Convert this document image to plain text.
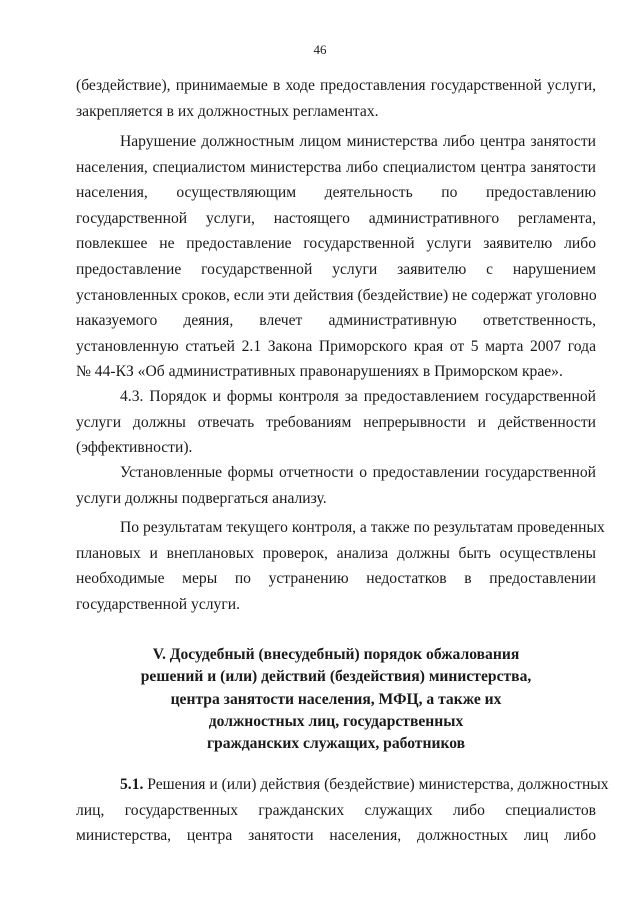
46
(бездействие), принимаемые в ходе предоставления государственной услуги,
закрепляется в их должностных регламентах.
Нарушение должностным лицом министерства либо центра занятости
населения, специалистом министерства либо специалистом центра занятости
населения, осуществляющим деятельность по предоставлению
государственной услуги, настоящего административного регламента,
повлекшее не предоставление государственной услуги заявителю либо
предоставление государственной услуги заявителю с нарушением
установленных сроков, если эти действия (бездействие) не содержат уголовно
наказуемого деяния, влечет административную ответственность,
установленную статьей 2.1 Закона Приморского края от 5 марта 2007 года
№ 44-КЗ «Об административных правонарушениях в Приморском крае».
4.3. Порядок и формы контроля за предоставлением государственной
услуги должны отвечать требованиям непрерывности и действенности
(эффективности).
Установленные формы отчетности о предоставлении государственной
услуги должны подвергаться анализу.
По результатам текущего контроля, а также по результатам проведенных
плановых и внеплановых проверок, анализа должны быть осуществлены
необходимые меры по устранению недостатков в предоставлении
государственной услуги.
V. Досудебный (внесудебный) порядок обжалования
решений и (или) действий (бездействия) министерства,
центра занятости населения, МФЦ, а также их
должностных лиц, государственных
гражданских служащих, работников
5.1. Решения и (или) действия (бездействие) министерства, должностных
лиц, государственных гражданских служащих либо специалистов
министерства, центра занятости населения, должностных лиц либо
